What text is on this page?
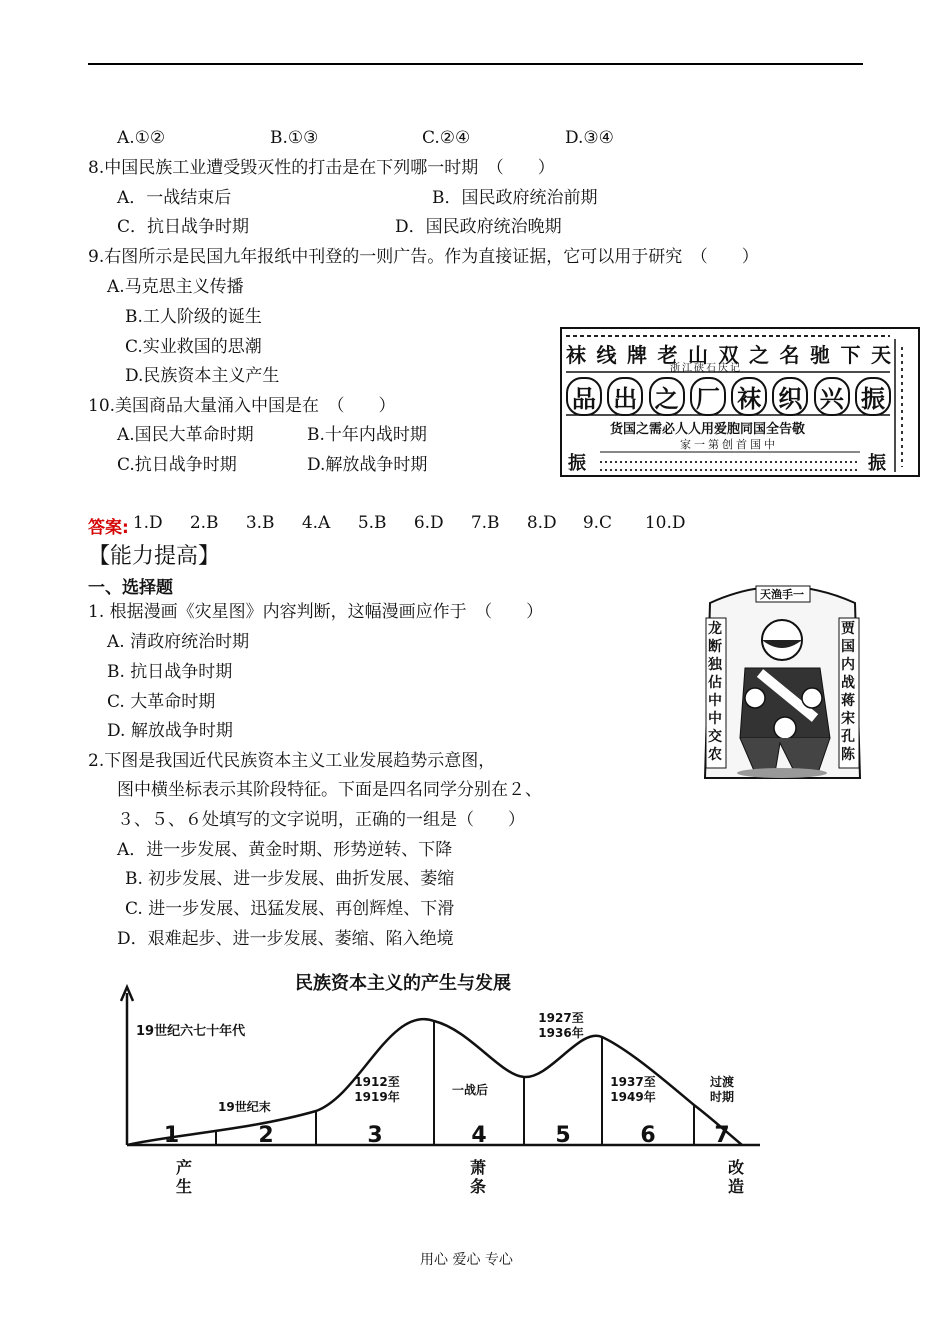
A.①②	B.①③	C.②④	D.③④
8.中国民族工业遭受毁灭性的打击是在下列哪一时期　（　　）
A．一战结束后	B．国民政府统治前期
C．抗日战争时期	D．国民政府统治晚期
9.右图所示是民国九年报纸中刊登的一则广告。作为直接证据，它可以用于研究　（　　）
A.马克思主义传播
B.工人阶级的诞生
C.实业救国的思潮
D.民族资本主义产生
10.美国商品大量涌入中国是在　（　　）
A.国民大革命时期	B.十年内战时期
C.抗日战争时期	D.解放战争时期
天
下
驰
名
之
双
山
老
牌
线
袜
浙江硖石庆记
振
兴
织
袜
厂
之
出
品
敬告全国同胞爱用人人必需之国货
中国首创第一家
振	振
答案: 1.D	2.B	3.B	4.A	5.B	6.D	7.B	8.D	9.C	10.D
【能力提高】
一、选择题
1. 根据漫画《灾星图》内容判断，这幅漫画应作于　（　　）
A. 清政府统治时期
B. 抗日战争时期
C. 大革命时期
D. 解放战争时期
天渔手一
龙断独佔中中交农
贾国内战蒋宋孔陈
2.下图是我国近代民族资本主义工业发展趋势示意图，
图中横坐标表示其阶段特征。下面是四名同学分别在２、
３、５、６处填写的文字说明，正确的一组是（　　）
A．进一步发展、黄金时期、形势逆转、下降
B. 初步发展、进一步发展、曲折发展、萎缩
C. 进一步发展、迅猛发展、再创辉煌、下滑
D．艰难起步、进一步发展、萎缩、陷入绝境
1	2	3	4	5	6	7
民族资本主义的产生与发展
19世纪六七十年代
19世纪末
1912至1919年	一战后
1927至1936年
1937至1949年
过渡时期
产生
萧条
改造
用心 爱心 专心
